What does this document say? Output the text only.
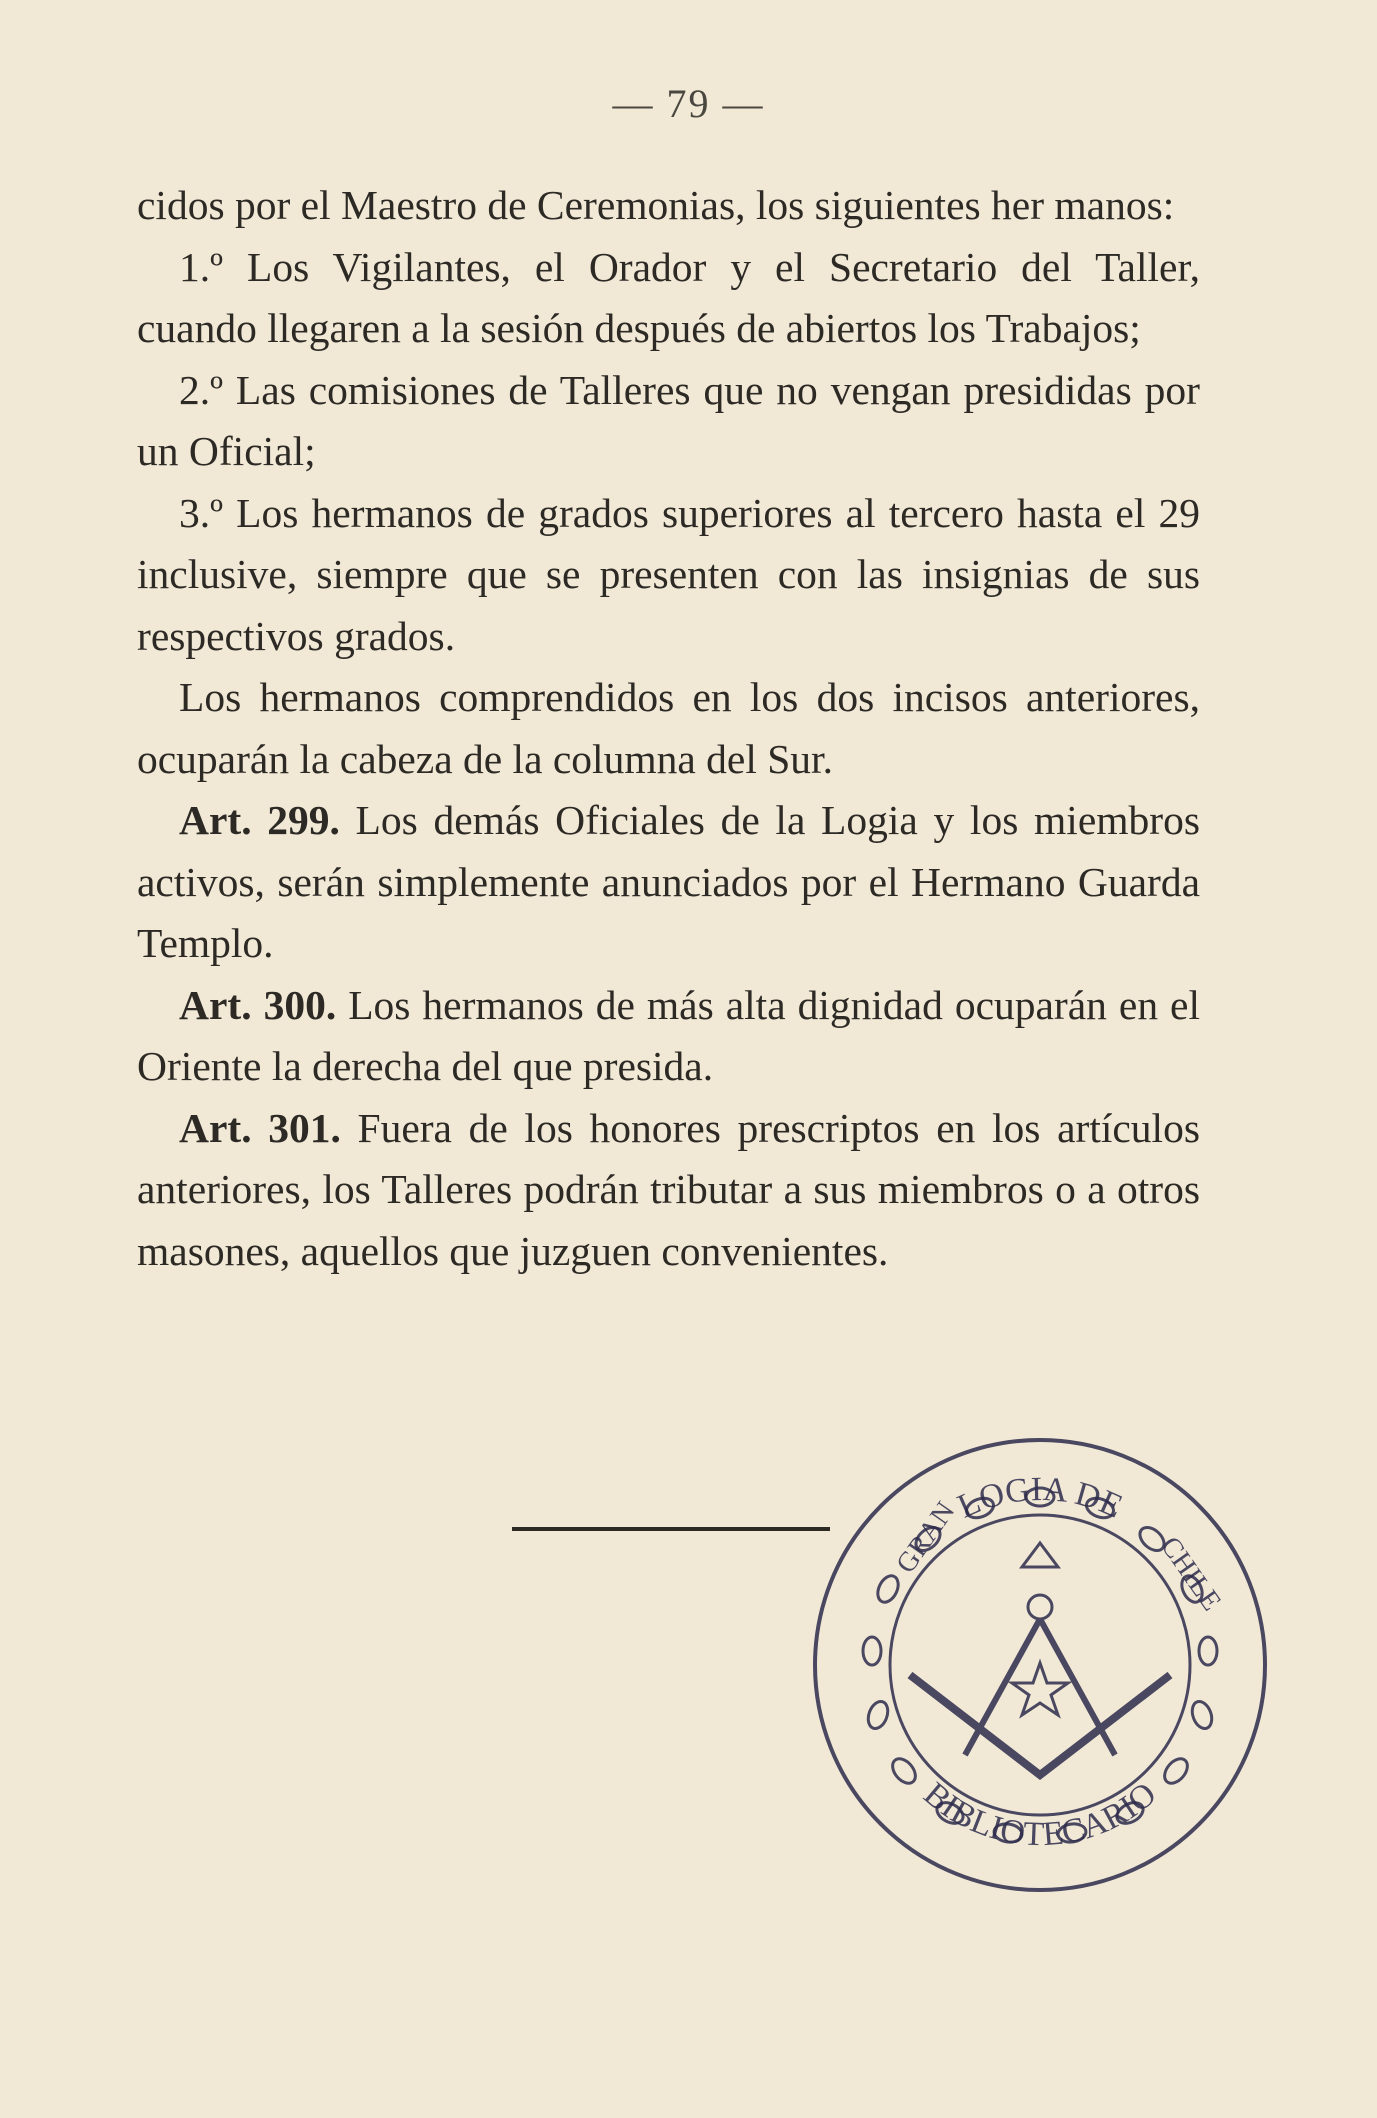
— 79 —

cidos por el Maestro de Ceremonias, los siguientes her manos:

1.º Los Vigilantes, el Orador y el Secretario del Taller, cuando llegaren a la sesión después de abiertos los Trabajos;

2.º Las comisiones de Talleres que no vengan presididas por un Oficial;

3.º Los hermanos de grados superiores al tercero hasta el 29 inclusive, siempre que se presenten con las insignias de sus respectivos grados.

Los hermanos comprendidos en los dos incisos anteriores, ocuparán la cabeza de la columna del Sur.

Art. 299. Los demás Oficiales de la Logia y los miembros activos, serán simplemente anunciados por el Hermano Guarda Templo.

Art. 300. Los hermanos de más alta dignidad ocuparán en el Oriente la derecha del que presida.

Art. 301. Fuera de los honores prescriptos en los artículos anteriores, los Talleres podrán tributar a sus miembros o a otros masones, aquellos que juzguen convenientes.

LOGIA DE
BIBLIOTECARIO
GRAN	CHILE
